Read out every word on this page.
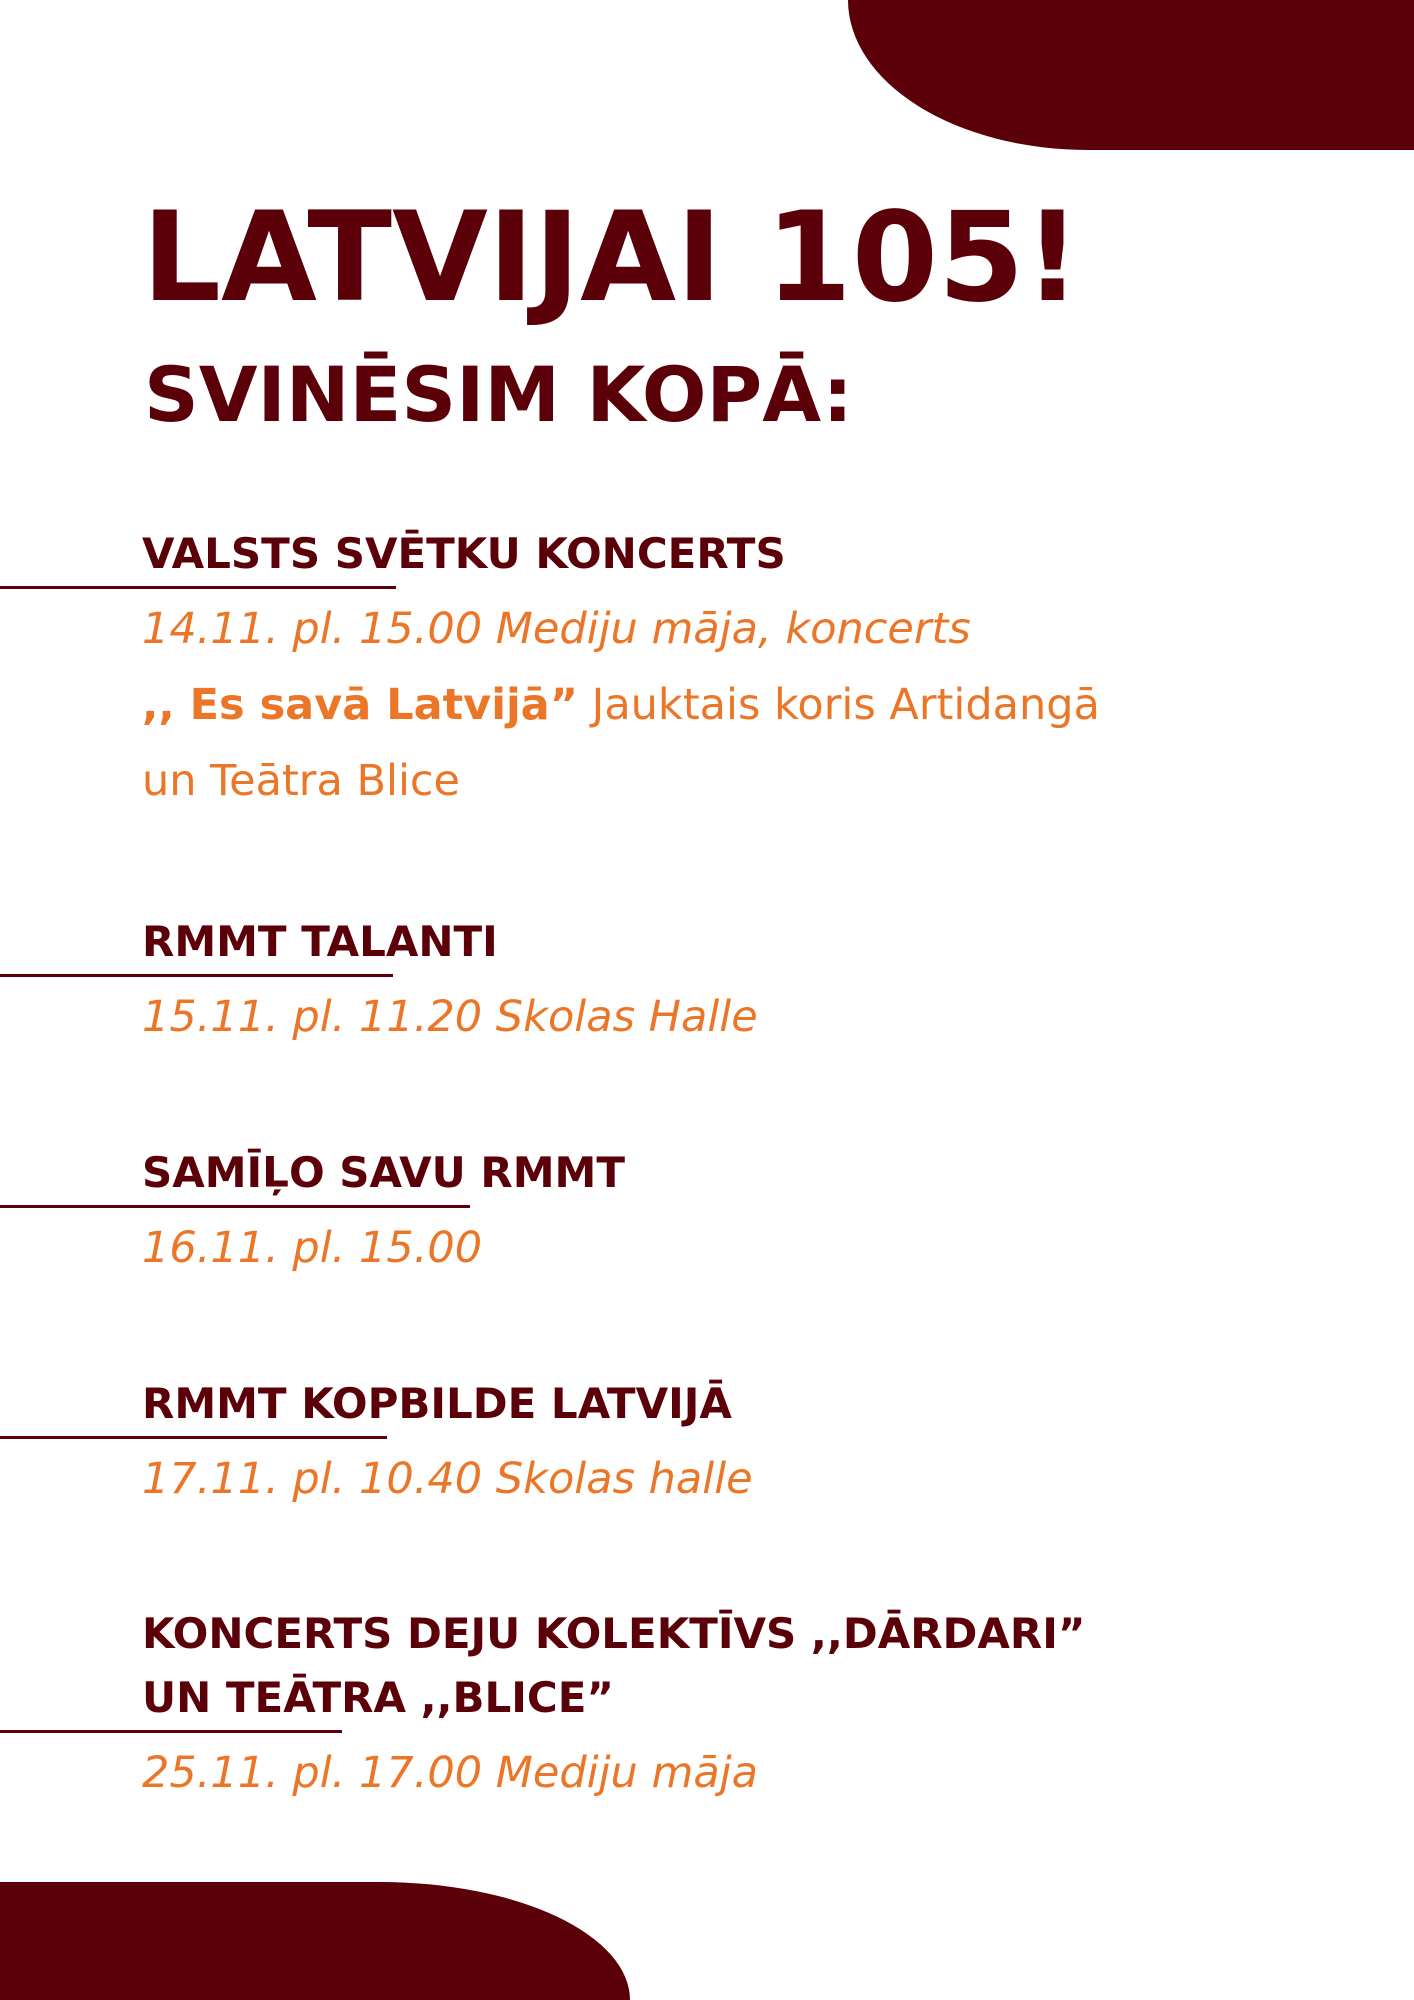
LATVIJAI 105!
SVINĒSIM KOPĀ:
VALSTS SVĒTKU KONCERTS

14.11. pl. 15.00 Mediju māja, koncerts

,, Es savā Latvijā” Jauktais koris Artidangā

un Teātra Blice

RMMT TALANTI

15.11. pl. 11.20 Skolas Halle

SAMĪĻO SAVU RMMT

16.11. pl. 15.00

RMMT KOPBILDE LATVIJĀ

17.11. pl. 10.40 Skolas halle

KONCERTS DEJU KOLEKTĪVS ,,DĀRDARI”
UN TEĀTRA ,,BLICE”

25.11. pl. 17.00 Mediju māja
